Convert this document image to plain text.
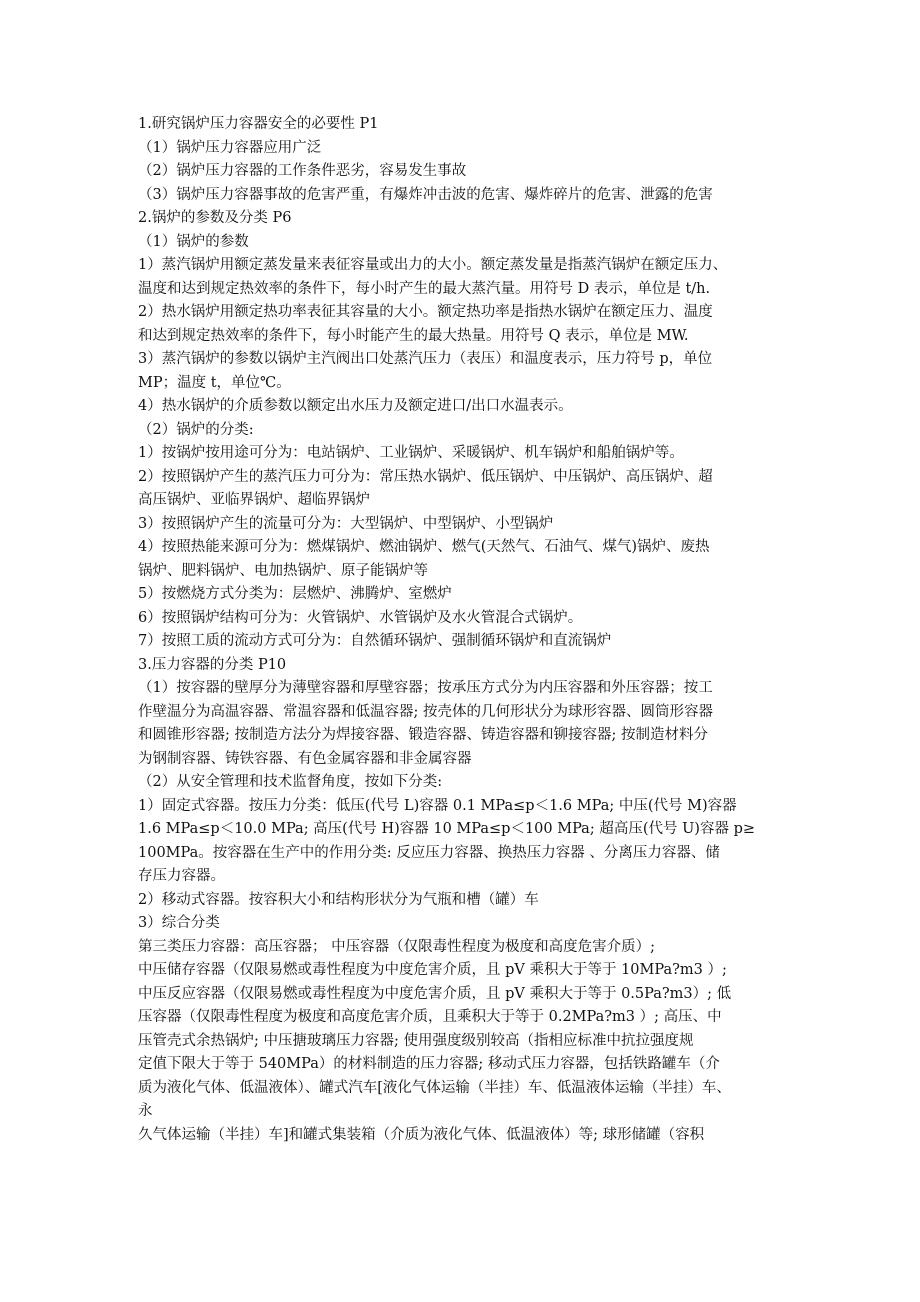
1.研究锅炉压力容器安全的必要性 P1
（1）锅炉压力容器应用广泛
（2）锅炉压力容器的工作条件恶劣，容易发生事故
（3）锅炉压力容器事故的危害严重，有爆炸冲击波的危害、爆炸碎片的危害、泄露的危害
2.锅炉的参数及分类 P6
（1）锅炉的参数
1）蒸汽锅炉用额定蒸发量来表征容量或出力的大小。额定蒸发量是指蒸汽锅炉在额定压力、
温度和达到规定热效率的条件下，每小时产生的最大蒸汽量。用符号 D 表示，单位是 t/h.
2）热水锅炉用额定热功率表征其容量的大小。额定热功率是指热水锅炉在额定压力、温度
和达到规定热效率的条件下，每小时能产生的最大热量。用符号 Q 表示，单位是 MW.
3）蒸汽锅炉的参数以锅炉主汽阀出口处蒸汽压力（表压）和温度表示，压力符号 p，单位
MP；温度 t，单位℃。
4）热水锅炉的介质参数以额定出水压力及额定进口/出口水温表示。
（2）锅炉的分类:
1）按锅炉按用途可分为：电站锅炉、工业锅炉、采暖锅炉、机车锅炉和船舶锅炉等。
2）按照锅炉产生的蒸汽压力可分为：常压热水锅炉、低压锅炉、中压锅炉、高压锅炉、超
高压锅炉、亚临界锅炉、超临界锅炉
3）按照锅炉产生的流量可分为：大型锅炉、中型锅炉、小型锅炉
4）按照热能来源可分为：燃煤锅炉、燃油锅炉、燃气(天然气、石油气、煤气)锅炉、废热
锅炉、肥料锅炉、电加热锅炉、原子能锅炉等
5）按燃烧方式分类为：层燃炉、沸腾炉、室燃炉
6）按照锅炉结构可分为：火管锅炉、水管锅炉及水火管混合式锅炉。
7）按照工质的流动方式可分为：自然循环锅炉、强制循环锅炉和直流锅炉
3.压力容器的分类 P10
（1）按容器的壁厚分为薄壁容器和厚壁容器；按承压方式分为内压容器和外压容器；按工
作壁温分为高温容器、常温容器和低温容器; 按壳体的几何形状分为球形容器、圆筒形容器
和圆锥形容器; 按制造方法分为焊接容器、锻造容器、铸造容器和铆接容器; 按制造材料分
为钢制容器、铸铁容器、有色金属容器和非金属容器
（2）从安全管理和技术监督角度，按如下分类:
1）固定式容器。按压力分类：低压(代号 L)容器 0.1 MPa≤p＜1.6 MPa; 中压(代号 M)容器
1.6 MPa≤p＜10.0 MPa; 高压(代号 H)容器 10 MPa≤p＜100 MPa; 超高压(代号 U)容器 p≥
100MPa。按容器在生产中的作用分类: 反应压力容器、换热压力容器 、分离压力容器、储
存压力容器。
2）移动式容器。按容积大小和结构形状分为气瓶和槽（罐）车
3）综合分类
第三类压力容器：高压容器； 中压容器（仅限毒性程度为极度和高度危害介质）;
中压储存容器（仅限易燃或毒性程度为中度危害介质，且 pV 乘积大于等于 10MPa?m3 ）;
中压反应容器（仅限易燃或毒性程度为中度危害介质，且 pV 乘积大于等于 0.5Pa?m3）; 低
压容器（仅限毒性程度为极度和高度危害介质，且乘积大于等于 0.2MPa?m3 ）; 高压、中
压管壳式余热锅炉; 中压搪玻璃压力容器; 使用强度级别较高（指相应标准中抗拉强度规
定值下限大于等于 540MPa）的材料制造的压力容器; 移动式压力容器，包括铁路罐车（介
质为液化气体、低温液体）、罐式汽车[液化气体运输（半挂）车、低温液体运输（半挂）车、
永
久气体运输（半挂）车]和罐式集装箱（介质为液化气体、低温液体）等; 球形储罐（容积
